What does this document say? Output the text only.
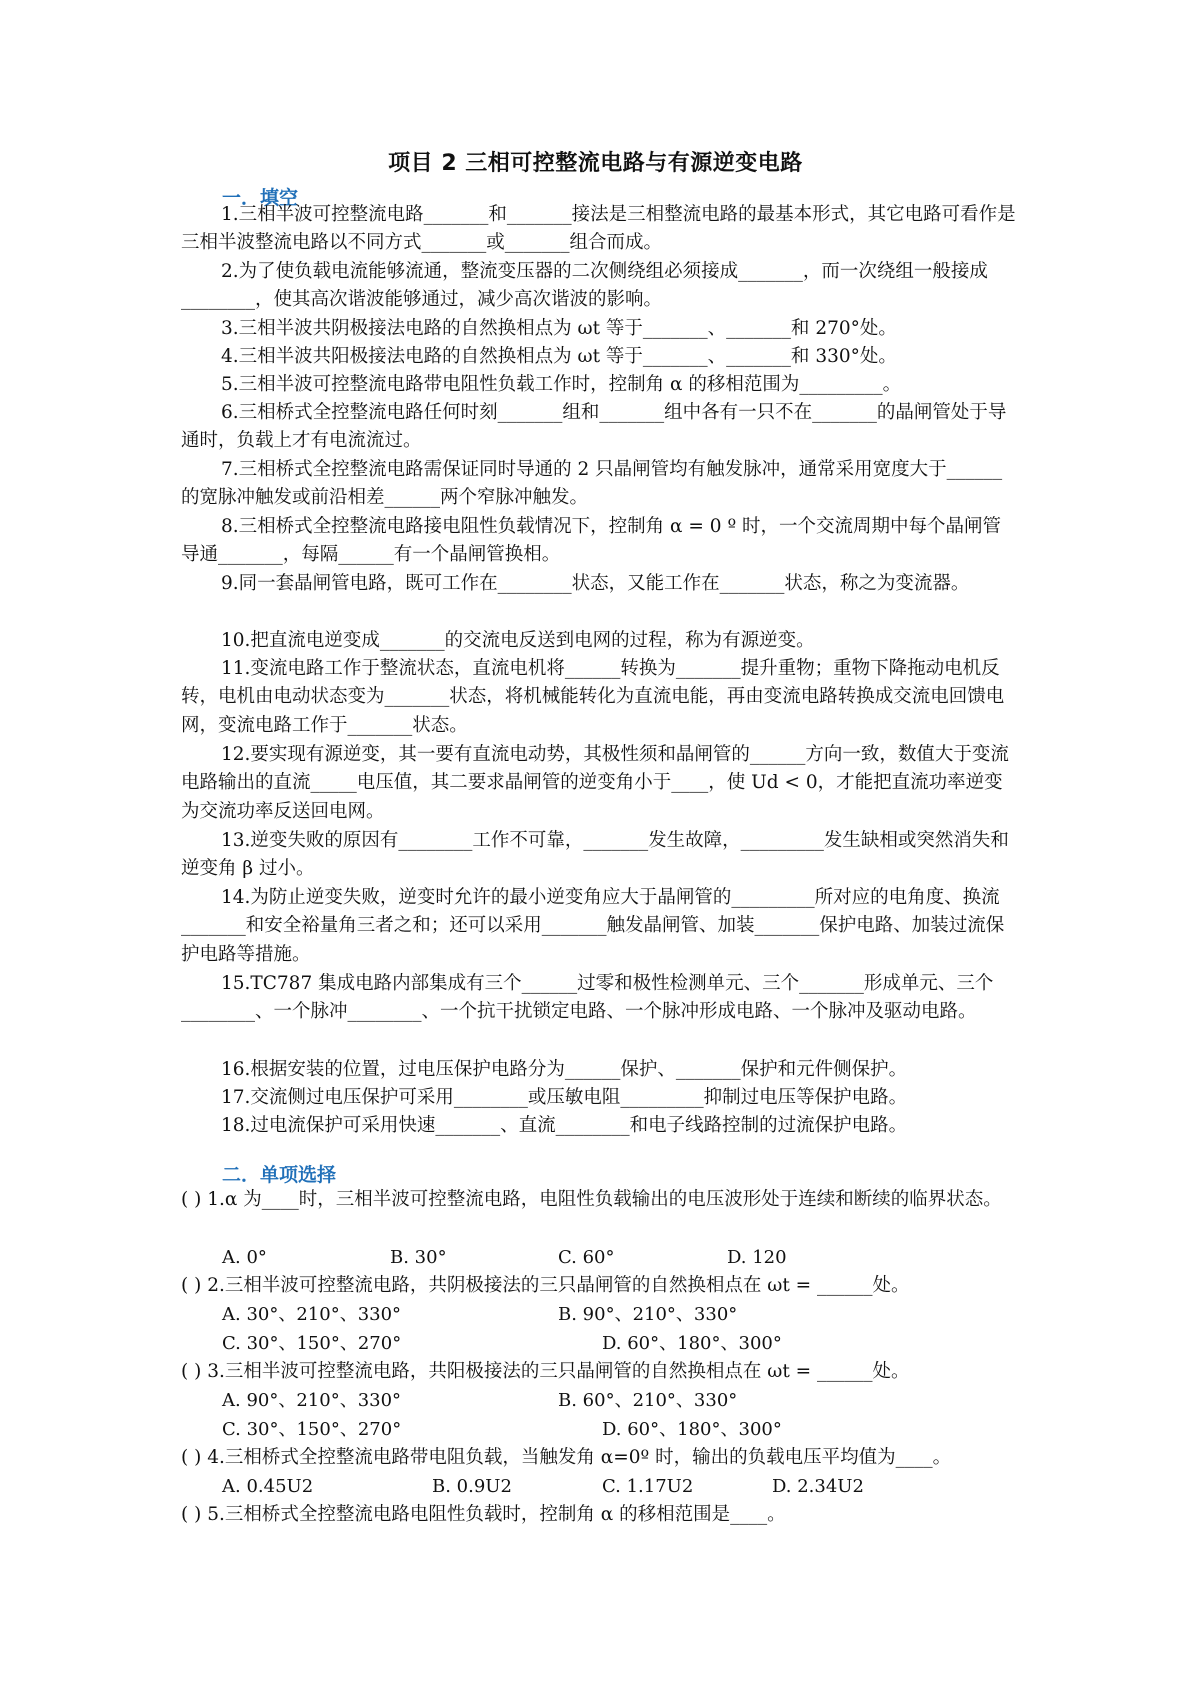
项目 2 三相可控整流电路与有源逆变电路
一．填空
1.三相半波可控整流电路_______和_______接法是三相整流电路的最基本形式，其它电路可看作是三相半波整流电路以不同方式_______或_______组合而成。
2.为了使负载电流能够流通，整流变压器的二次侧绕组必须接成_______，而一次绕组一般接成________，使其高次谐波能够通过，减少高次谐波的影响。
3.三相半波共阴极接法电路的自然换相点为 ωt 等于_______、_______和 270°处。
4.三相半波共阳极接法电路的自然换相点为 ωt 等于_______、_______和 330°处。
5.三相半波可控整流电路带电阻性负载工作时，控制角 α 的移相范围为_________。
6.三相桥式全控整流电路任何时刻_______组和_______组中各有一只不在_______的晶闸管处于导通时，负载上才有电流流过。
7.三相桥式全控整流电路需保证同时导通的 2 只晶闸管均有触发脉冲，通常采用宽度大于______的宽脉冲触发或前沿相差______两个窄脉冲触发。
8.三相桥式全控整流电路接电阻性负载情况下，控制角 α = 0 º 时，一个交流周期中每个晶闸管导通_______，每隔______有一个晶闸管换相。
9.同一套晶闸管电路，既可工作在________状态，又能工作在_______状态，称之为变流器。
10.把直流电逆变成_______的交流电反送到电网的过程，称为有源逆变。
11.变流电路工作于整流状态，直流电机将______转换为_______提升重物；重物下降拖动电机反转，电机由电动状态变为_______状态，将机械能转化为直流电能，再由变流电路转换成交流电回馈电网，变流电路工作于_______状态。
12.要实现有源逆变，其一要有直流电动势，其极性须和晶闸管的______方向一致，数值大于变流电路输出的直流_____电压值，其二要求晶闸管的逆变角小于____，使 Ud < 0，才能把直流功率逆变为交流功率反送回电网。
13.逆变失败的原因有________工作不可靠，_______发生故障，_________发生缺相或突然消失和逆变角 β 过小。
14.为防止逆变失败，逆变时允许的最小逆变角应大于晶闸管的_________所对应的电角度、换流_______和安全裕量角三者之和；还可以采用_______触发晶闸管、加装_______保护电路、加装过流保护电路等措施。
15.TC787 集成电路内部集成有三个______过零和极性检测单元、三个_______形成单元、三个________、一个脉冲________、一个抗干扰锁定电路、一个脉冲形成电路、一个脉冲及驱动电路。
16.根据安装的位置，过电压保护电路分为______保护、_______保护和元件侧保护。
17.交流侧过电压保护可采用________或压敏电阻_________抑制过电压等保护电路。
18.过电流保护可采用快速_______、直流________和电子线路控制的过流保护电路。
二．单项选择
( ) 1.α 为____时，三相半波可控整流电路，电阻性负载输出的电压波形处于连续和断续的临界状态。
A. 0°	B. 30°	C. 60°	D. 120
( ) 2.三相半波可控整流电路，共阴极接法的三只晶闸管的自然换相点在 ωt = ______处。
A. 30°、210°、330°	B. 90°、210°、330°
C. 30°、150°、270°	D. 60°、180°、300°
( ) 3.三相半波可控整流电路，共阳极接法的三只晶闸管的自然换相点在 ωt = ______处。
A. 90°、210°、330°	B. 60°、210°、330°
C. 30°、150°、270°	D. 60°、180°、300°
( ) 4.三相桥式全控整流电路带电阻负载，当触发角 α=0º 时，输出的负载电压平均值为____。
A. 0.45U2	B. 0.9U2	C. 1.17U2	D. 2.34U2
( ) 5.三相桥式全控整流电路电阻性负载时，控制角 α 的移相范围是____。
